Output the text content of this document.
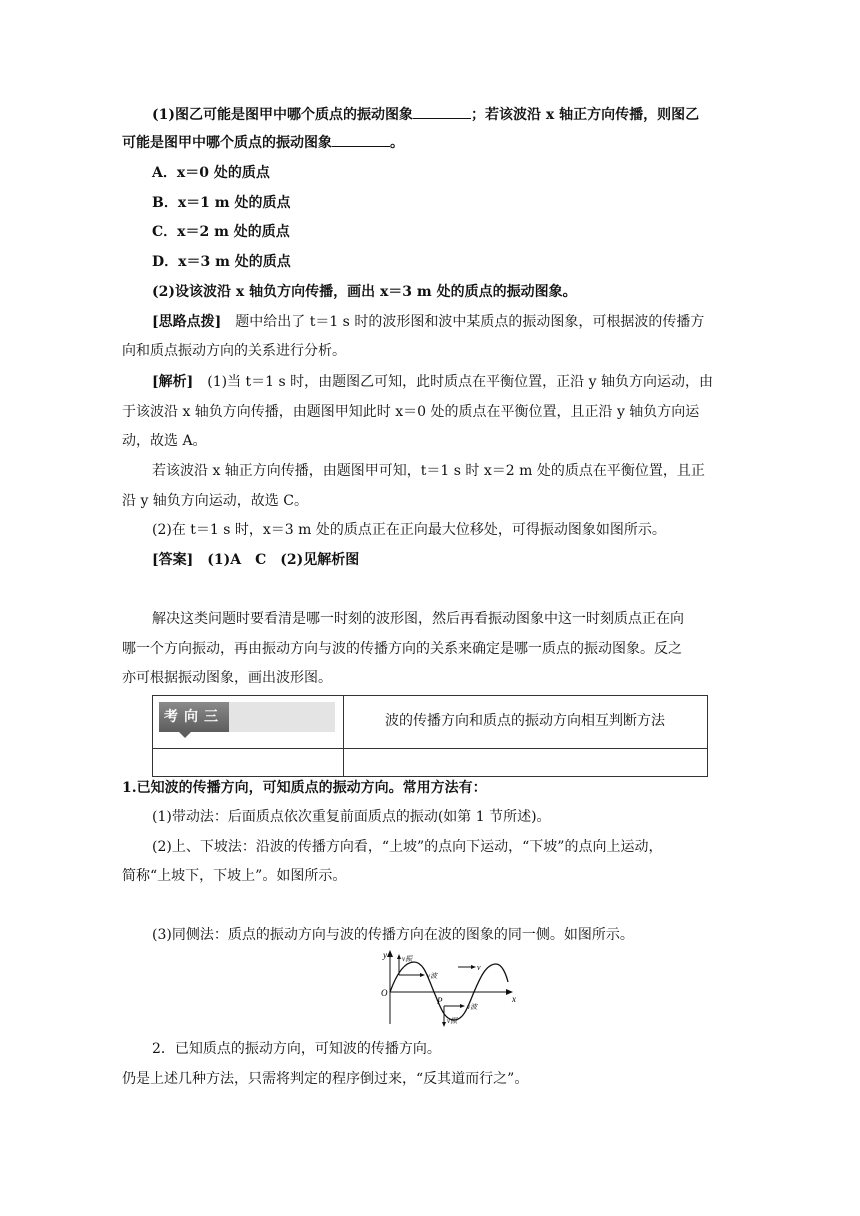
(1)图乙可能是图甲中哪个质点的振动图象	；若该波沿 x 轴正方向传播，则图乙
可能是图甲中哪个质点的振动图象	。
A．x＝0 处的质点
B．x＝1 m 处的质点
C．x＝2 m 处的质点
D．x＝3 m 处的质点
(2)设该波沿 x 轴负方向传播，画出 x＝3 m 处的质点的振动图象。
[思路点拨]　 题中给出了 t＝1 s 时的波形图和波中某质点的振动图象，可根据波的传播方
向和质点振动方向的关系进行分析。
[解析]　 (1)当 t＝1 s 时，由题图乙可知，此时质点在平衡位置，正沿 y 轴负方向运动，由
于该波沿 x 轴负方向传播，由题图甲知此时 x＝0 处的质点在平衡位置，且正沿 y 轴负方向运
动，故选 A。
若该波沿 x 轴正方向传播，由题图甲可知，t＝1 s 时 x＝2 m 处的质点在平衡位置，且正
沿 y 轴负方向运动，故选 C。
(2)在 t＝1 s 时，x＝3 m 处的质点正在正向最大位移处，可得振动图象如图所示。
[答案]　 (1)A　C　(2)见解析图
解决这类问题时要看清是哪一时刻的波形图，然后再看振动图象中这一时刻质点正在向
哪一个方向振动，再由振动方向与波的传播方向的关系来确定是哪一质点的振动图象。反之
亦可根据振动图象，画出波形图。
考向三	波的传播方向和质点的振动方向相互判断方法
1.已知波的传播方向，可知质点的振动方向。常用方法有：
(1)带动法：后面质点依次重复前面质点的振动(如第 1 节所述)。
(2)上、下坡法：沿波的传播方向看，“上坡”的点向下运动，“下坡”的点向上运动，
简称“上坡下，下坡上”。如图所示。
(3)同侧法：质点的振动方向与波的传播方向在波的图象的同一侧。如图所示。
y
x
O
P
v振
v波
v
v波
v振
2．已知质点的振动方向，可知波的传播方向。
仍是上述几种方法，只需将判定的程序倒过来，“反其道而行之”。
